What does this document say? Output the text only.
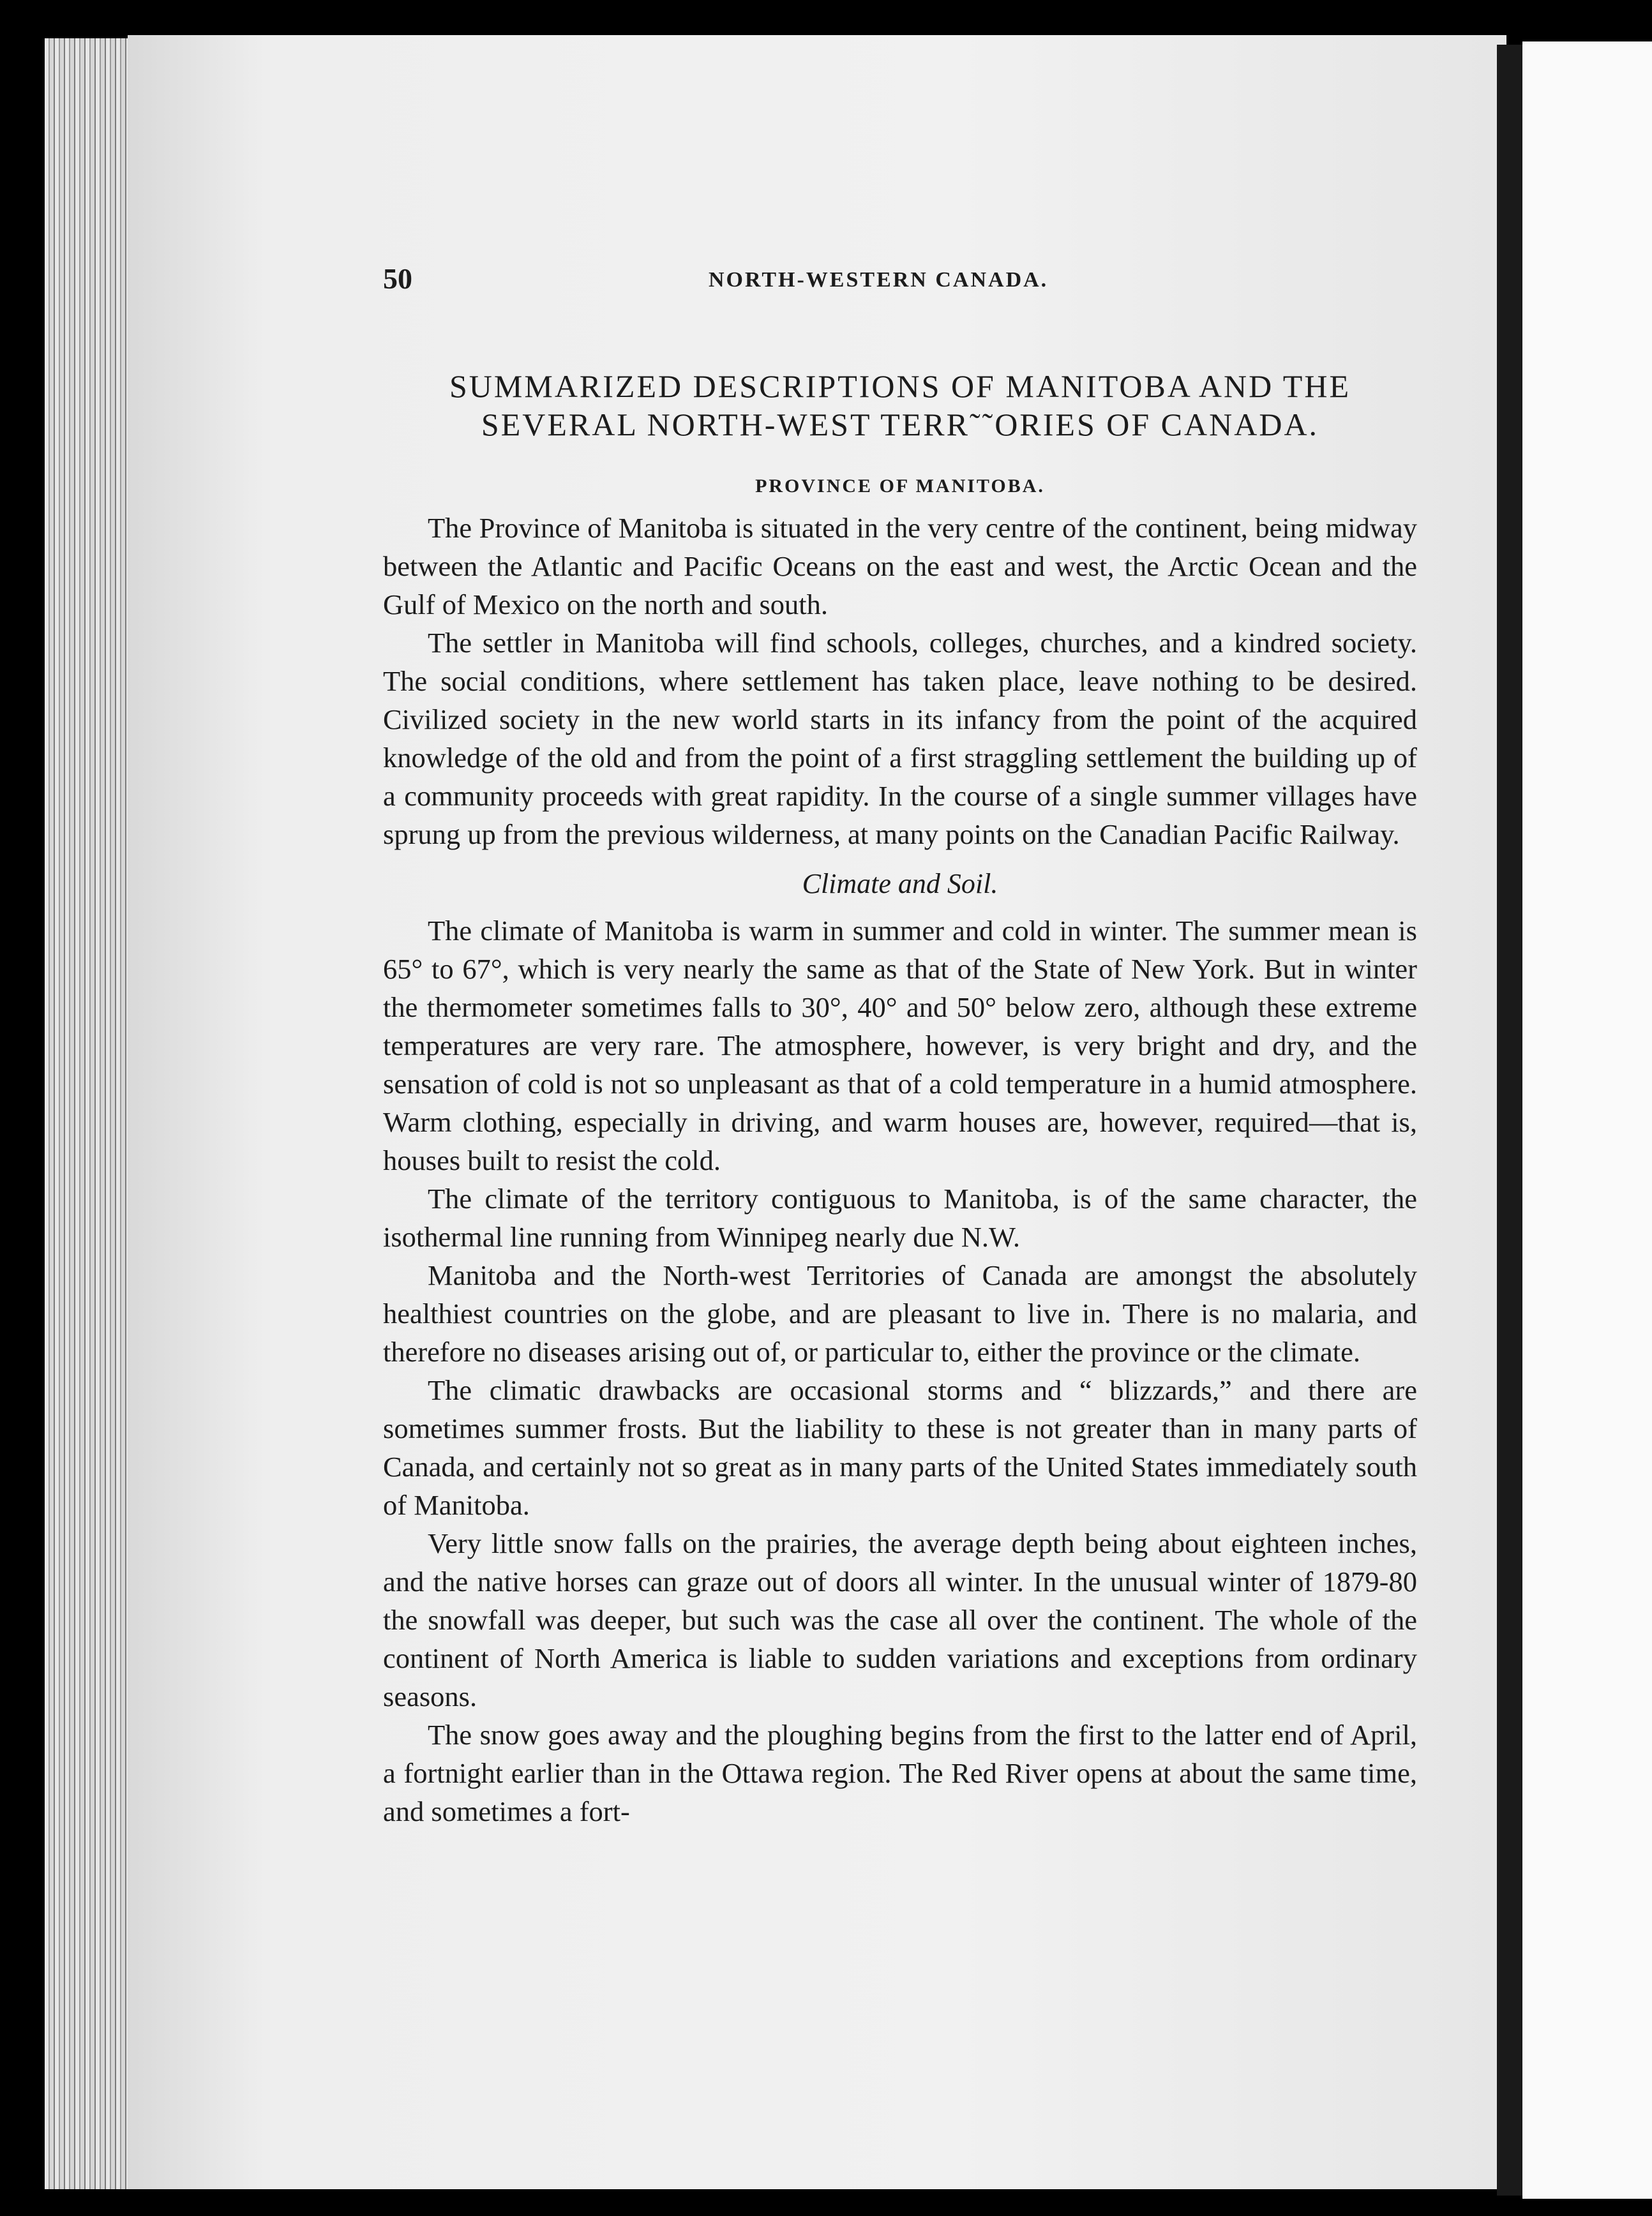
50	NORTH-WESTERN CANADA.
SUMMARIZED DESCRIPTIONS OF MANITOBA AND THE
SEVERAL NORTH-WEST TERR˜˜ORIES OF CANADA.
PROVINCE OF MANITOBA.

The Province of Manitoba is situated in the very centre of the continent, being midway between the Atlantic and Pacific Oceans on the east and west, the Arctic Ocean and the Gulf of Mexico on the north and south.

The settler in Manitoba will find schools, colleges, churches, and a kindred society. The social conditions, where settlement has taken place, leave nothing to be desired. Civilized society in the new world starts in its infancy from the point of the acquired knowledge of the old and from the point of a first straggling settlement the building up of a community proceeds with great rapidity. In the course of a single summer villages have sprung up from the previous wilderness, at many points on the Canadian Pacific Railway.

Climate and Soil.

The climate of Manitoba is warm in summer and cold in winter. The summer mean is 65° to 67°, which is very nearly the same as that of the State of New York. But in winter the thermometer sometimes falls to 30°, 40° and 50° below zero, although these extreme temperatures are very rare. The atmosphere, however, is very bright and dry, and the sensation of cold is not so unpleasant as that of a cold temperature in a humid atmosphere. Warm clothing, especially in driving, and warm houses are, however, required—that is, houses built to resist the cold.

The climate of the territory contiguous to Manitoba, is of the same character, the isothermal line running from Winnipeg nearly due N.W.

Manitoba and the North-west Territories of Canada are amongst the absolutely healthiest countries on the globe, and are pleasant to live in. There is no malaria, and therefore no diseases arising out of, or particular to, either the province or the climate.

The climatic drawbacks are occasional storms and “ blizzards,” and there are sometimes summer frosts. But the liability to these is not greater than in many parts of Canada, and certainly not so great as in many parts of the United States immediately south of Manitoba.

Very little snow falls on the prairies, the average depth being about eighteen inches, and the native horses can graze out of doors all winter. In the unusual winter of 1879-80 the snowfall was deeper, but such was the case all over the continent. The whole of the continent of North America is liable to sudden variations and exceptions from ordinary seasons.

The snow goes away and the ploughing begins from the first to the latter end of April, a fortnight earlier than in the Ottawa region. The Red River opens at about the same time, and sometimes a fort-
